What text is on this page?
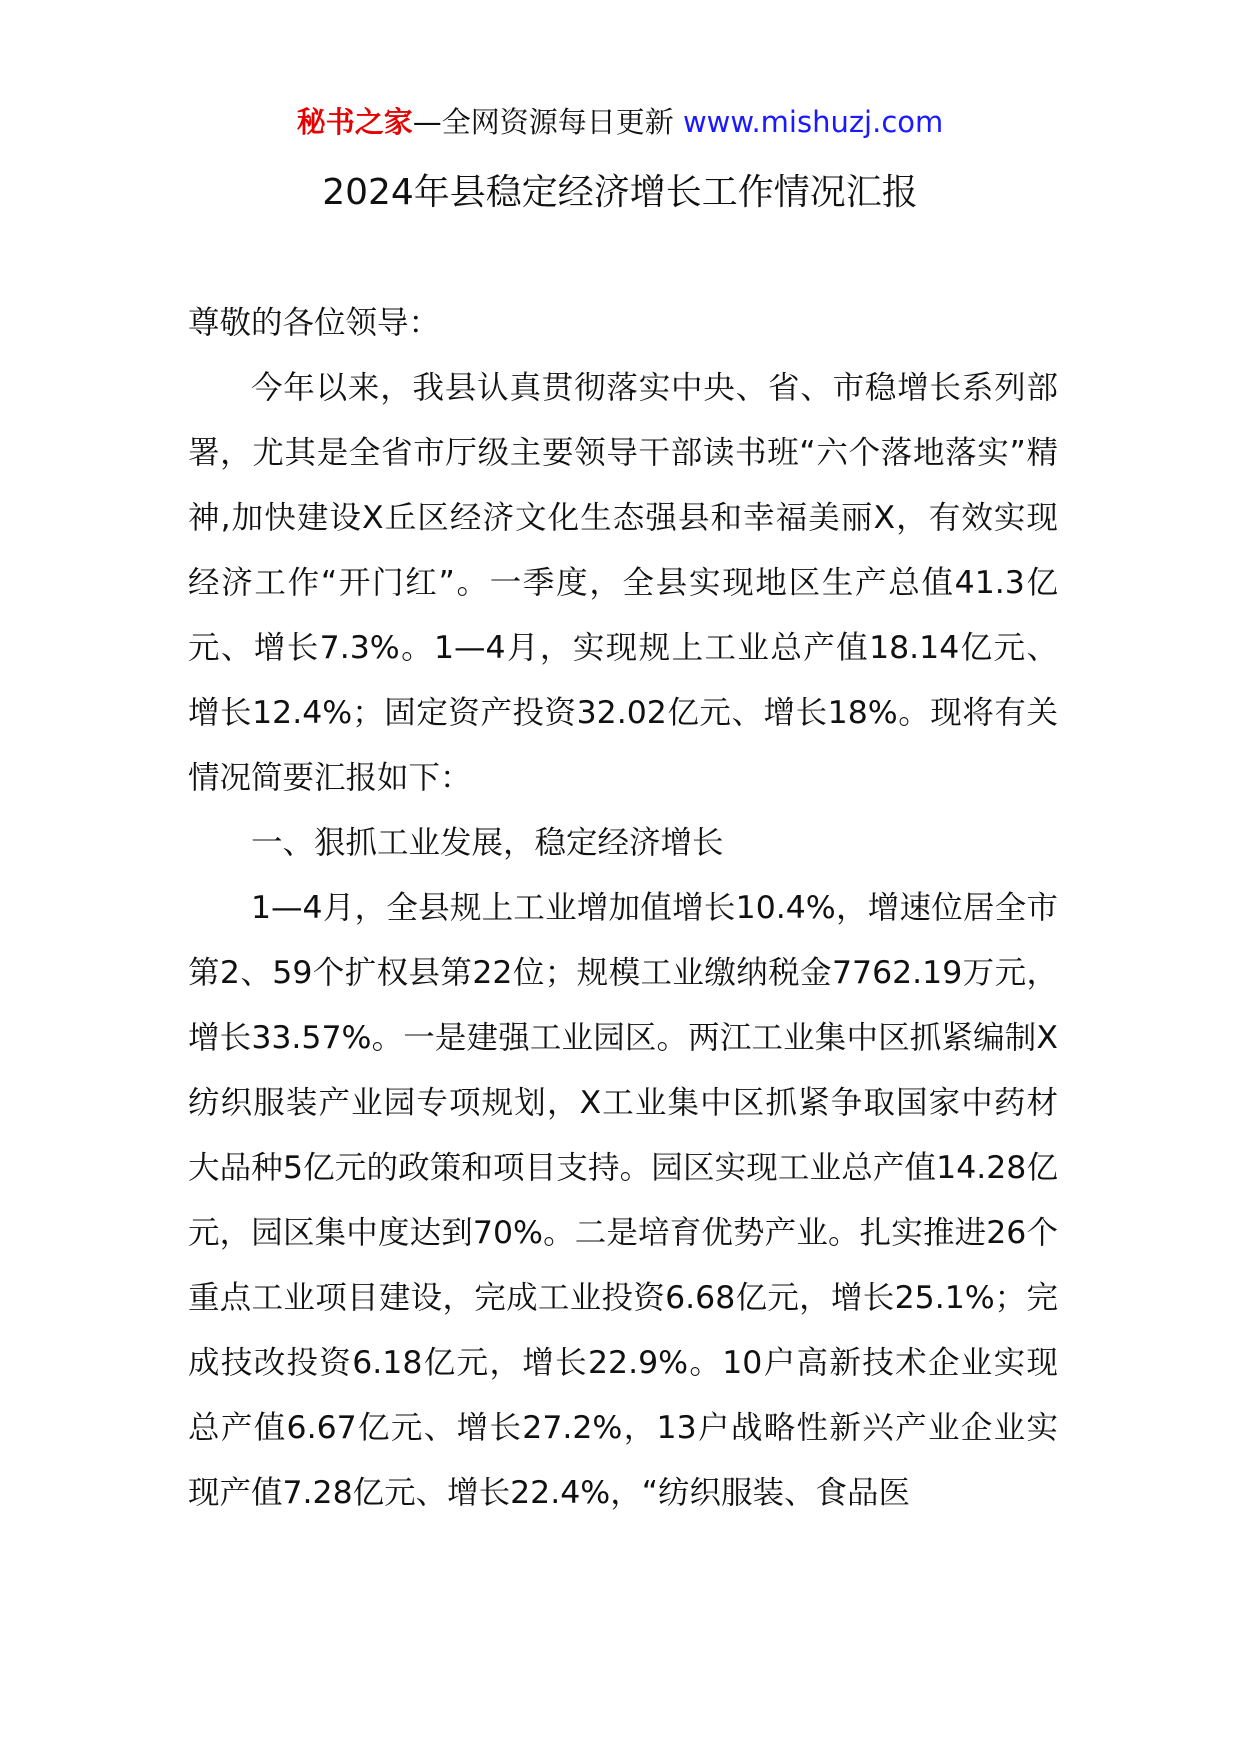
秘书之家—全网资源每日更新 www.mishuzj.com
2024年县稳定经济增长工作情况汇报

尊敬的各位领导：

今年以来，我县认真贯彻落实中央、省、市稳增长系列部署，尤其是全省市厅级主要领导干部读书班“六个落地落实”精神,加快建设X丘区经济文化生态强县和幸福美丽X，有效实现经济工作“开门红”。一季度，全县实现地区生产总值41.3亿元、增长7.3%。1—4月，实现规上工业总产值18.14亿元、增长12.4%；固定资产投资32.02亿元、增长18%。现将有关情况简要汇报如下：

一、狠抓工业发展，稳定经济增长

1—4月，全县规上工业增加值增长10.4%，增速位居全市第2、59个扩权县第22位；规模工业缴纳税金7762.19万元，增长33.57%。一是建强工业园区。两江工业集中区抓紧编制X纺织服装产业园专项规划，X工业集中区抓紧争取国家中药材大品种5亿元的政策和项目支持。园区实现工业总产值14.28亿元，园区集中度达到70%。二是培育优势产业。扎实推进26个重点工业项目建设，完成工业投资6.68亿元，增长25.1%；完成技改投资6.18亿元，增长22.9%。10户高新技术企业实现总产值6.67亿元、增长27.2%，13户战略性新兴产业企业实现产值7.28亿元、增长22.4%，“纺织服装、食品医
